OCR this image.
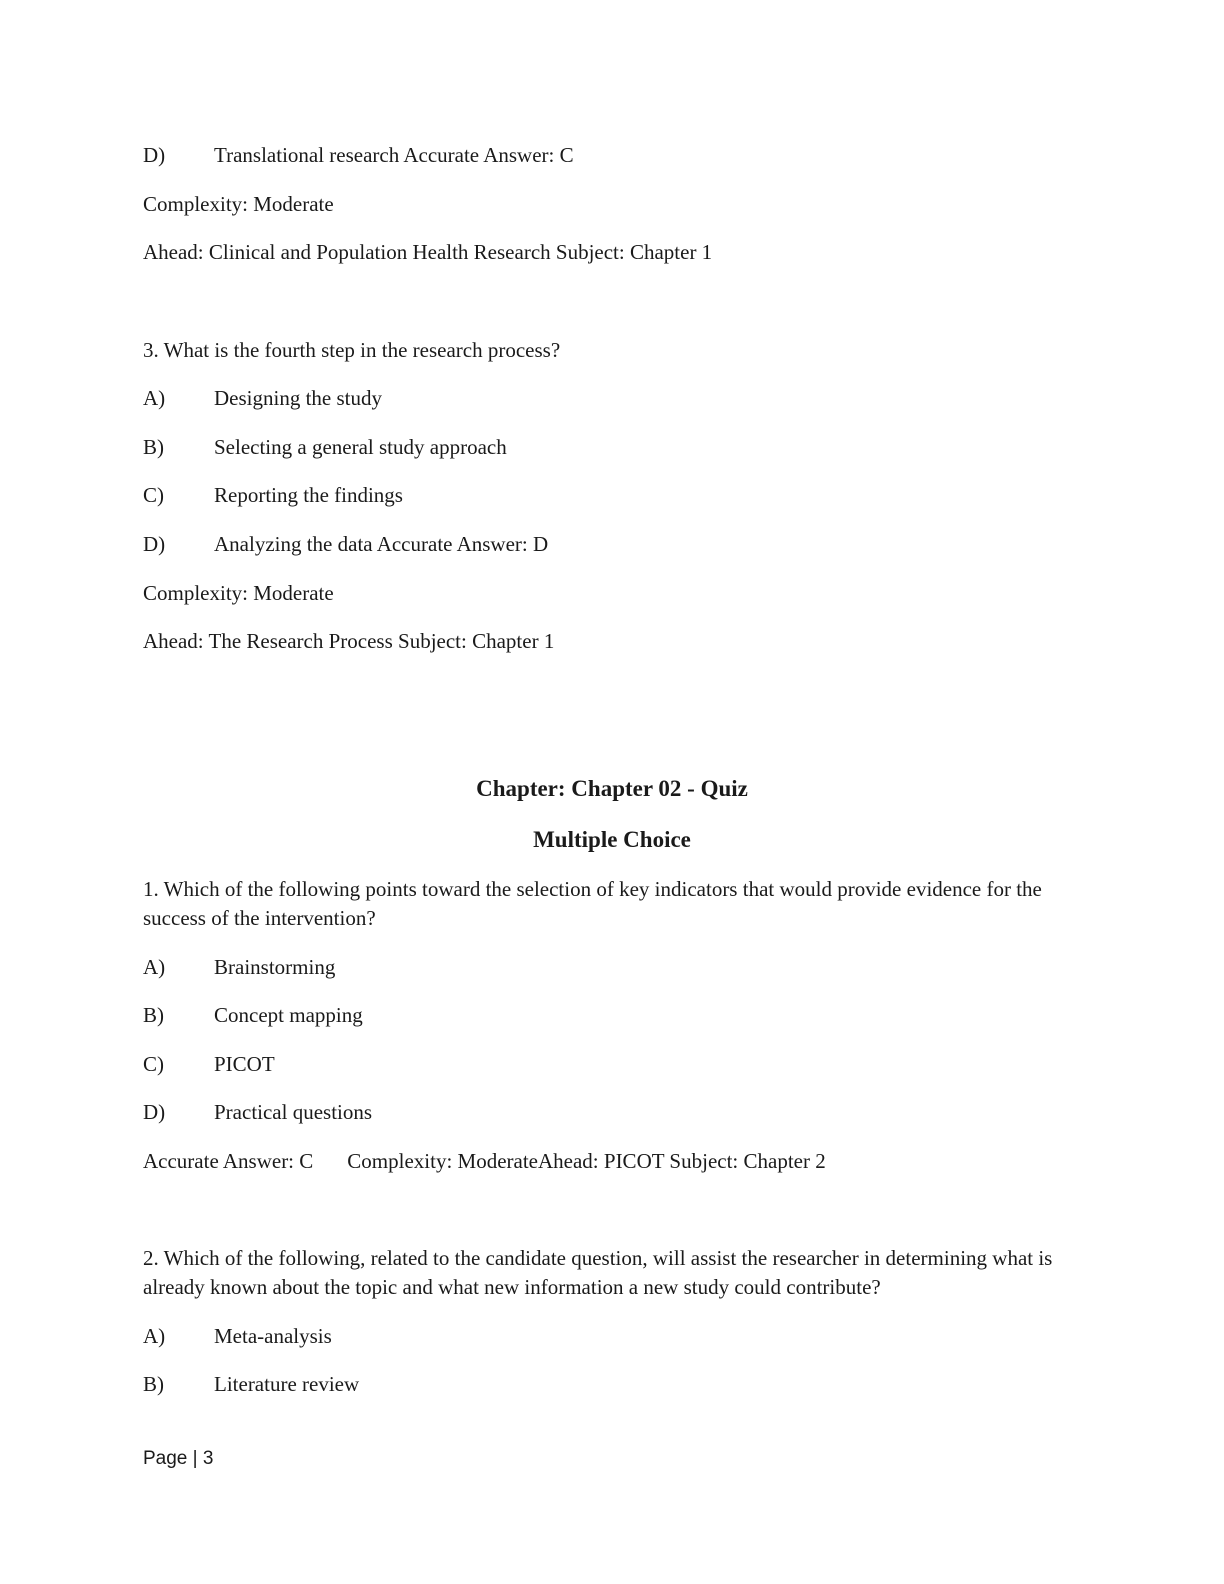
D) Translational research Accurate Answer: C
Complexity: Moderate
Ahead: Clinical and Population Health Research Subject: Chapter 1
3. What is the fourth step in the research process?
A) Designing the study
B) Selecting a general study approach
C) Reporting the findings
D) Analyzing the data Accurate Answer: D
Complexity: Moderate
Ahead: The Research Process Subject: Chapter 1
Chapter: Chapter 02 - Quiz
Multiple Choice
1. Which of the following points toward the selection of key indicators that would provide evidence for the success of the intervention?
A) Brainstorming
B) Concept mapping
C) PICOT
D) Practical questions
Accurate Answer: C Complexity: ModerateAhead: PICOT Subject: Chapter 2
2. Which of the following, related to the candidate question, will assist the researcher in determining what is already known about the topic and what new information a new study could contribute?
A) Meta-analysis
B) Literature review
Page | 3
